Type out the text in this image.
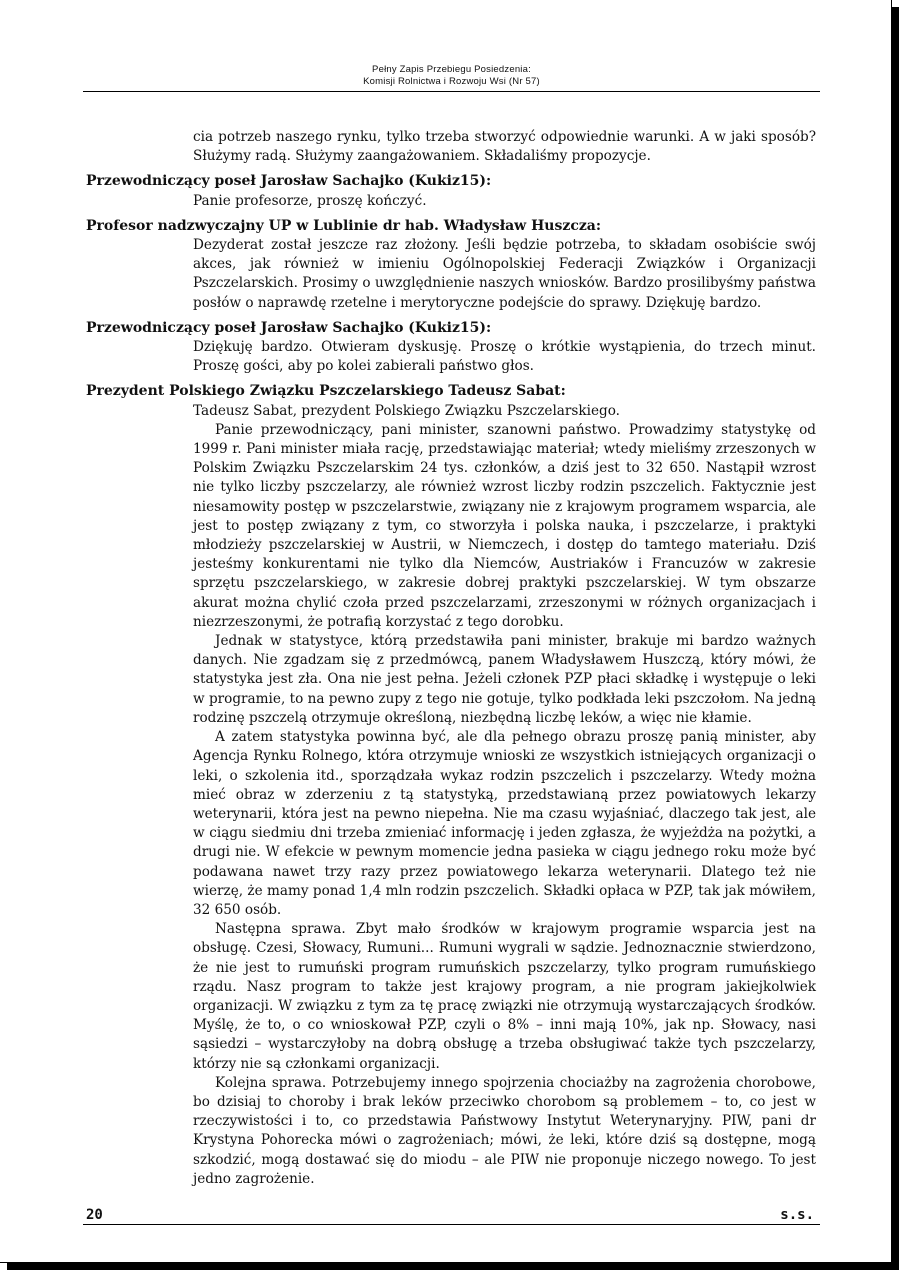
Pełny Zapis Przebiegu Posiedzenia:
Komisji Rolnictwa i Rozwoju Wsi (Nr 57)
cia potrzeb naszego rynku, tylko trzeba stworzyć odpowiednie warunki. A w jaki sposób? Służymy radą. Służymy zaangażowaniem. Składaliśmy propozycje.
Przewodniczący poseł Jarosław Sachajko (Kukiz15):
Panie profesorze, proszę kończyć.
Profesor nadzwyczajny UP w Lublinie dr hab. Władysław Huszcza:
Dezyderat został jeszcze raz złożony. Jeśli będzie potrzeba, to składam osobiście swój akces, jak również w imieniu Ogólnopolskiej Federacji Związków i Organizacji Pszczelarskich. Prosimy o uwzględnienie naszych wniosków. Bardzo prosilibyśmy państwa posłów o naprawdę rzetelne i merytoryczne podejście do sprawy. Dziękuję bardzo.
Przewodniczący poseł Jarosław Sachajko (Kukiz15):
Dziękuję bardzo. Otwieram dyskusję. Proszę o krótkie wystąpienia, do trzech minut. Proszę gości, aby po kolei zabierali państwo głos.
Prezydent Polskiego Związku Pszczelarskiego Tadeusz Sabat:

Tadeusz Sabat, prezydent Polskiego Związku Pszczelarskiego.

Panie przewodniczący, pani minister, szanowni państwo. Prowadzimy statystykę od 1999 r. Pani minister miała rację, przedstawiając materiał; wtedy mieliśmy zrzeszonych w Polskim Związku Pszczelarskim 24 tys. członków, a dziś jest to 32 650. Nastąpił wzrost nie tylko liczby pszczelarzy, ale również wzrost liczby rodzin pszczelich. Faktycznie jest niesamowity postęp w pszczelarstwie, związany nie z krajowym programem wsparcia, ale jest to postęp związany z tym, co stworzyła i polska nauka, i pszczelarze, i praktyki młodzieży pszczelarskiej w Austrii, w Niemczech, i dostęp do tamtego materiału. Dziś jesteśmy konkurentami nie tylko dla Niemców, Austriaków i Francuzów w zakresie sprzętu pszczelarskiego, w zakresie dobrej praktyki pszczelarskiej. W tym obszarze akurat można chylić czoła przed pszczelarzami, zrzeszonymi w różnych organizacjach i niezrzeszonymi, że potrafią korzystać z tego dorobku.

Jednak w statystyce, którą przedstawiła pani minister, brakuje mi bardzo ważnych danych. Nie zgadzam się z przedmówcą, panem Władysławem Huszczą, który mówi, że statystyka jest zła. Ona nie jest pełna. Jeżeli członek PZP płaci składkę i występuje o leki w programie, to na pewno zupy z tego nie gotuje, tylko podkłada leki pszczołom. Na jedną rodzinę pszczelą otrzymuje określoną, niezbędną liczbę leków, a więc nie kłamie.

A zatem statystyka powinna być, ale dla pełnego obrazu proszę panią minister, aby Agencja Rynku Rolnego, która otrzymuje wnioski ze wszystkich istniejących organizacji o leki, o szkolenia itd., sporządzała wykaz rodzin pszczelich i pszczelarzy. Wtedy można mieć obraz w zderzeniu z tą statystyką, przedstawianą przez powiatowych lekarzy weterynarii, która jest na pewno niepełna. Nie ma czasu wyjaśniać, dlaczego tak jest, ale w ciągu siedmiu dni trzeba zmieniać informację i jeden zgłasza, że wyjeżdża na pożytki, a drugi nie. W efekcie w pewnym momencie jedna pasieka w ciągu jednego roku może być podawana nawet trzy razy przez powiatowego lekarza weterynarii. Dlatego też nie wierzę, że mamy ponad 1,4 mln rodzin pszczelich. Składki opłaca w PZP, tak jak mówiłem, 32 650 osób.

Następna sprawa. Zbyt mało środków w krajowym programie wsparcia jest na obsługę. Czesi, Słowacy, Rumuni... Rumuni wygrali w sądzie. Jednoznacznie stwierdzono, że nie jest to rumuński program rumuńskich pszczelarzy, tylko program rumuńskiego rządu. Nasz program to także jest krajowy program, a nie program jakiejkolwiek organizacji. W związku z tym za tę pracę związki nie otrzymują wystarczających środków. Myślę, że to, o co wnioskował PZP, czyli o 8% – inni mają 10%, jak np. Słowacy, nasi sąsiedzi – wystarczyłoby na dobrą obsługę a trzeba obsługiwać także tych pszczelarzy, którzy nie są członkami organizacji.

Kolejna sprawa. Potrzebujemy innego spojrzenia chociażby na zagrożenia chorobowe, bo dzisiaj to choroby i brak leków przeciwko chorobom są problemem – to, co jest w rzeczywistości i to, co przedstawia Państwowy Instytut Weterynaryjny. PIW, pani dr Krystyna Pohorecka mówi o zagrożeniach; mówi, że leki, które dziś są dostępne, mogą szkodzić, mogą dostawać się do miodu – ale PIW nie proponuje niczego nowego. To jest jedno zagrożenie.

20	s.s.
